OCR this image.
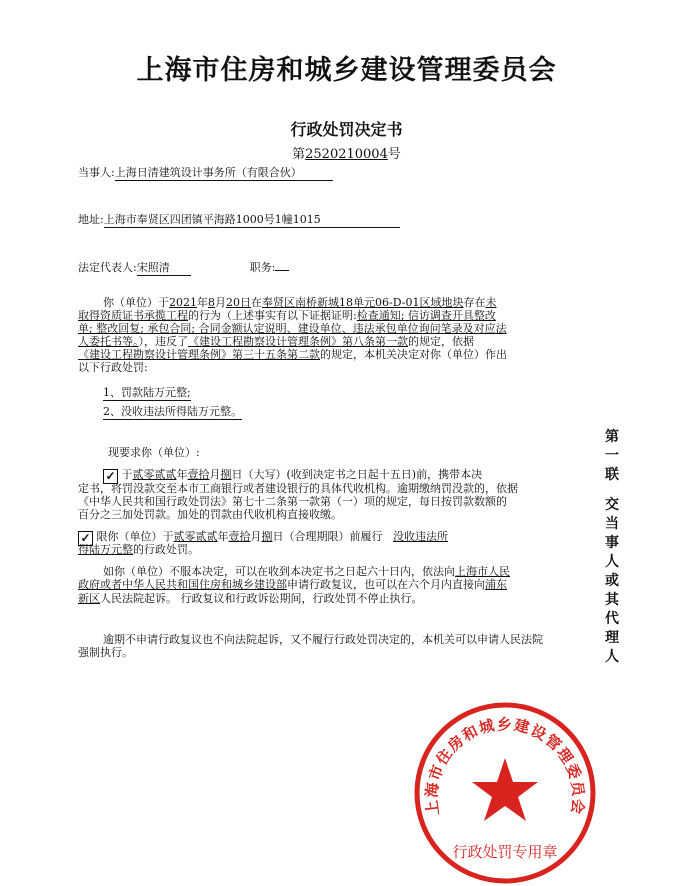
上海市住房和城乡建设管理委员会
行政处罚决定书
第2520210004号
当事人:上海日清建筑设计事务所（有限合伙）
地址:上海市奉贤区四团镇平海路1000号1幢1015
法定代表人:宋照清	职务:
你（单位）于2021年8月20日在奉贤区南桥新城18单元06-D-01区域地块存在未
取得资质证书承揽工程的行为（上述事实有以下证据证明:检查通知; 信访调查开具整改
单; 整改回复; 承包合同; 合同金额认定说明、建设单位、违法承包单位询问笔录及对应法
人委托书等。），违反了《建设工程勘察设计管理条例》第八条第一款的规定，依据
《建设工程勘察设计管理条例》第三十五条第二款的规定，本机关决定对你（单位）作出
以下行政处罚:
1、罚款陆万元整;
2、没收违法所得陆万元整。
现要求你（单位）:
✓ 于贰零贰贰年壹拾月捌日（大写）(收到决定书之日起十五日)前，携带本决
定书，将罚没款交至本市工商银行或者建设银行的具体代收机构。逾期缴纳罚没款的，依据
《中华人民共和国行政处罚法》第七十二条第一款第（一）项的规定，每日按罚款数额的
百分之三加处罚款。加处的罚款由代收机构直接收缴。
✓ 限你（单位）于贰零贰贰年壹拾月捌日（合理期限）前履行 没收违法所
得陆万元整的行政处罚。
如你（单位）不服本决定，可以在收到本决定书之日起六十日内，依法向上海市人民
政府或者中华人民共和国住房和城乡建设部申请行政复议，也可以在六个月内直接向浦东
新区人民法院起诉。 行政复议和行政诉讼期间，行政处罚不停止执行。
逾期不申请行政复议也不向法院起诉，又不履行行政处罚决定的，本机关可以申请人民法院
强制执行。
第一联
交当事人或其代理人
上海市住房和城乡建设管理委员会
行政处罚专用章
